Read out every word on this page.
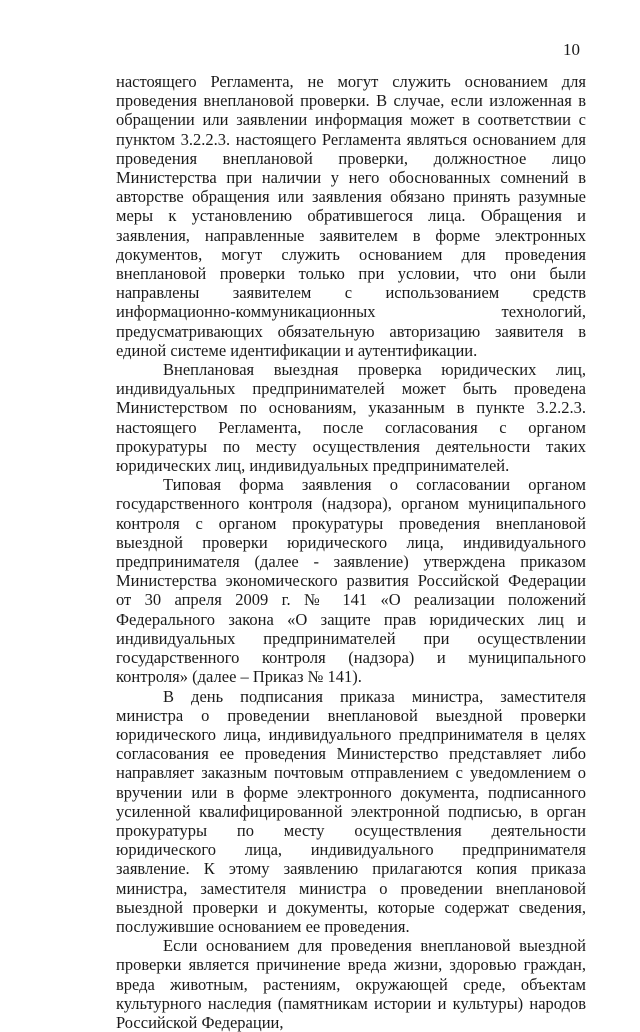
10

настоящего Регламента, не могут служить основанием для проведения внеплановой проверки. В случае, если изложенная в обращении или заявлении информация может в соответствии с пунктом 3.2.2.3. настоящего Регламента являться основанием для проведения внеплановой проверки, должностное лицо Министерства при наличии у него обоснованных сомнений в авторстве обращения или заявления обязано принять разумные меры к установлению обратившегося лица. Обращения и заявления, направленные заявителем в форме электронных документов, могут служить основанием для проведения внеплановой проверки только при условии, что они были направлены заявителем с использованием средств информационно-коммуникационных технологий, предусматривающих обязательную авторизацию заявителя в единой системе идентификации и аутентификации.

Внеплановая выездная проверка юридических лиц, индивидуальных предпринимателей может быть проведена Министерством по основаниям, указанным в пункте 3.2.2.3. настоящего Регламента, после согласования с органом прокуратуры по месту осуществления деятельности таких юридических лиц, индивидуальных предпринимателей.

Типовая форма заявления о согласовании органом государственного контроля (надзора), органом муниципального контроля с органом прокуратуры проведения внеплановой выездной проверки юридического лица, индивидуального предпринимателя (далее - заявление) утверждена приказом Министерства экономического развития Российской Федерации от 30 апреля 2009 г. № 141 «О реализации положений Федерального закона «О защите прав юридических лиц и индивидуальных предпринимателей при осуществлении государственного контроля (надзора) и муниципального контроля» (далее – Приказ № 141).

В день подписания приказа министра, заместителя министра о проведении внеплановой выездной проверки юридического лица, индивидуального предпринимателя в целях согласования ее проведения Министерство представляет либо направляет заказным почтовым отправлением с уведомлением о вручении или в форме электронного документа, подписанного усиленной квалифицированной электронной подписью, в орган прокуратуры по месту осуществления деятельности юридического лица, индивидуального предпринимателя заявление. К этому заявлению прилагаются копия приказа министра, заместителя министра о проведении внеплановой выездной проверки и документы, которые содержат сведения, послужившие основанием ее проведения.

Если основанием для проведения внеплановой выездной проверки является причинение вреда жизни, здоровью граждан, вреда животным, растениям, окружающей среде, объектам культурного наследия (памятникам истории и культуры) народов Российской Федерации,
